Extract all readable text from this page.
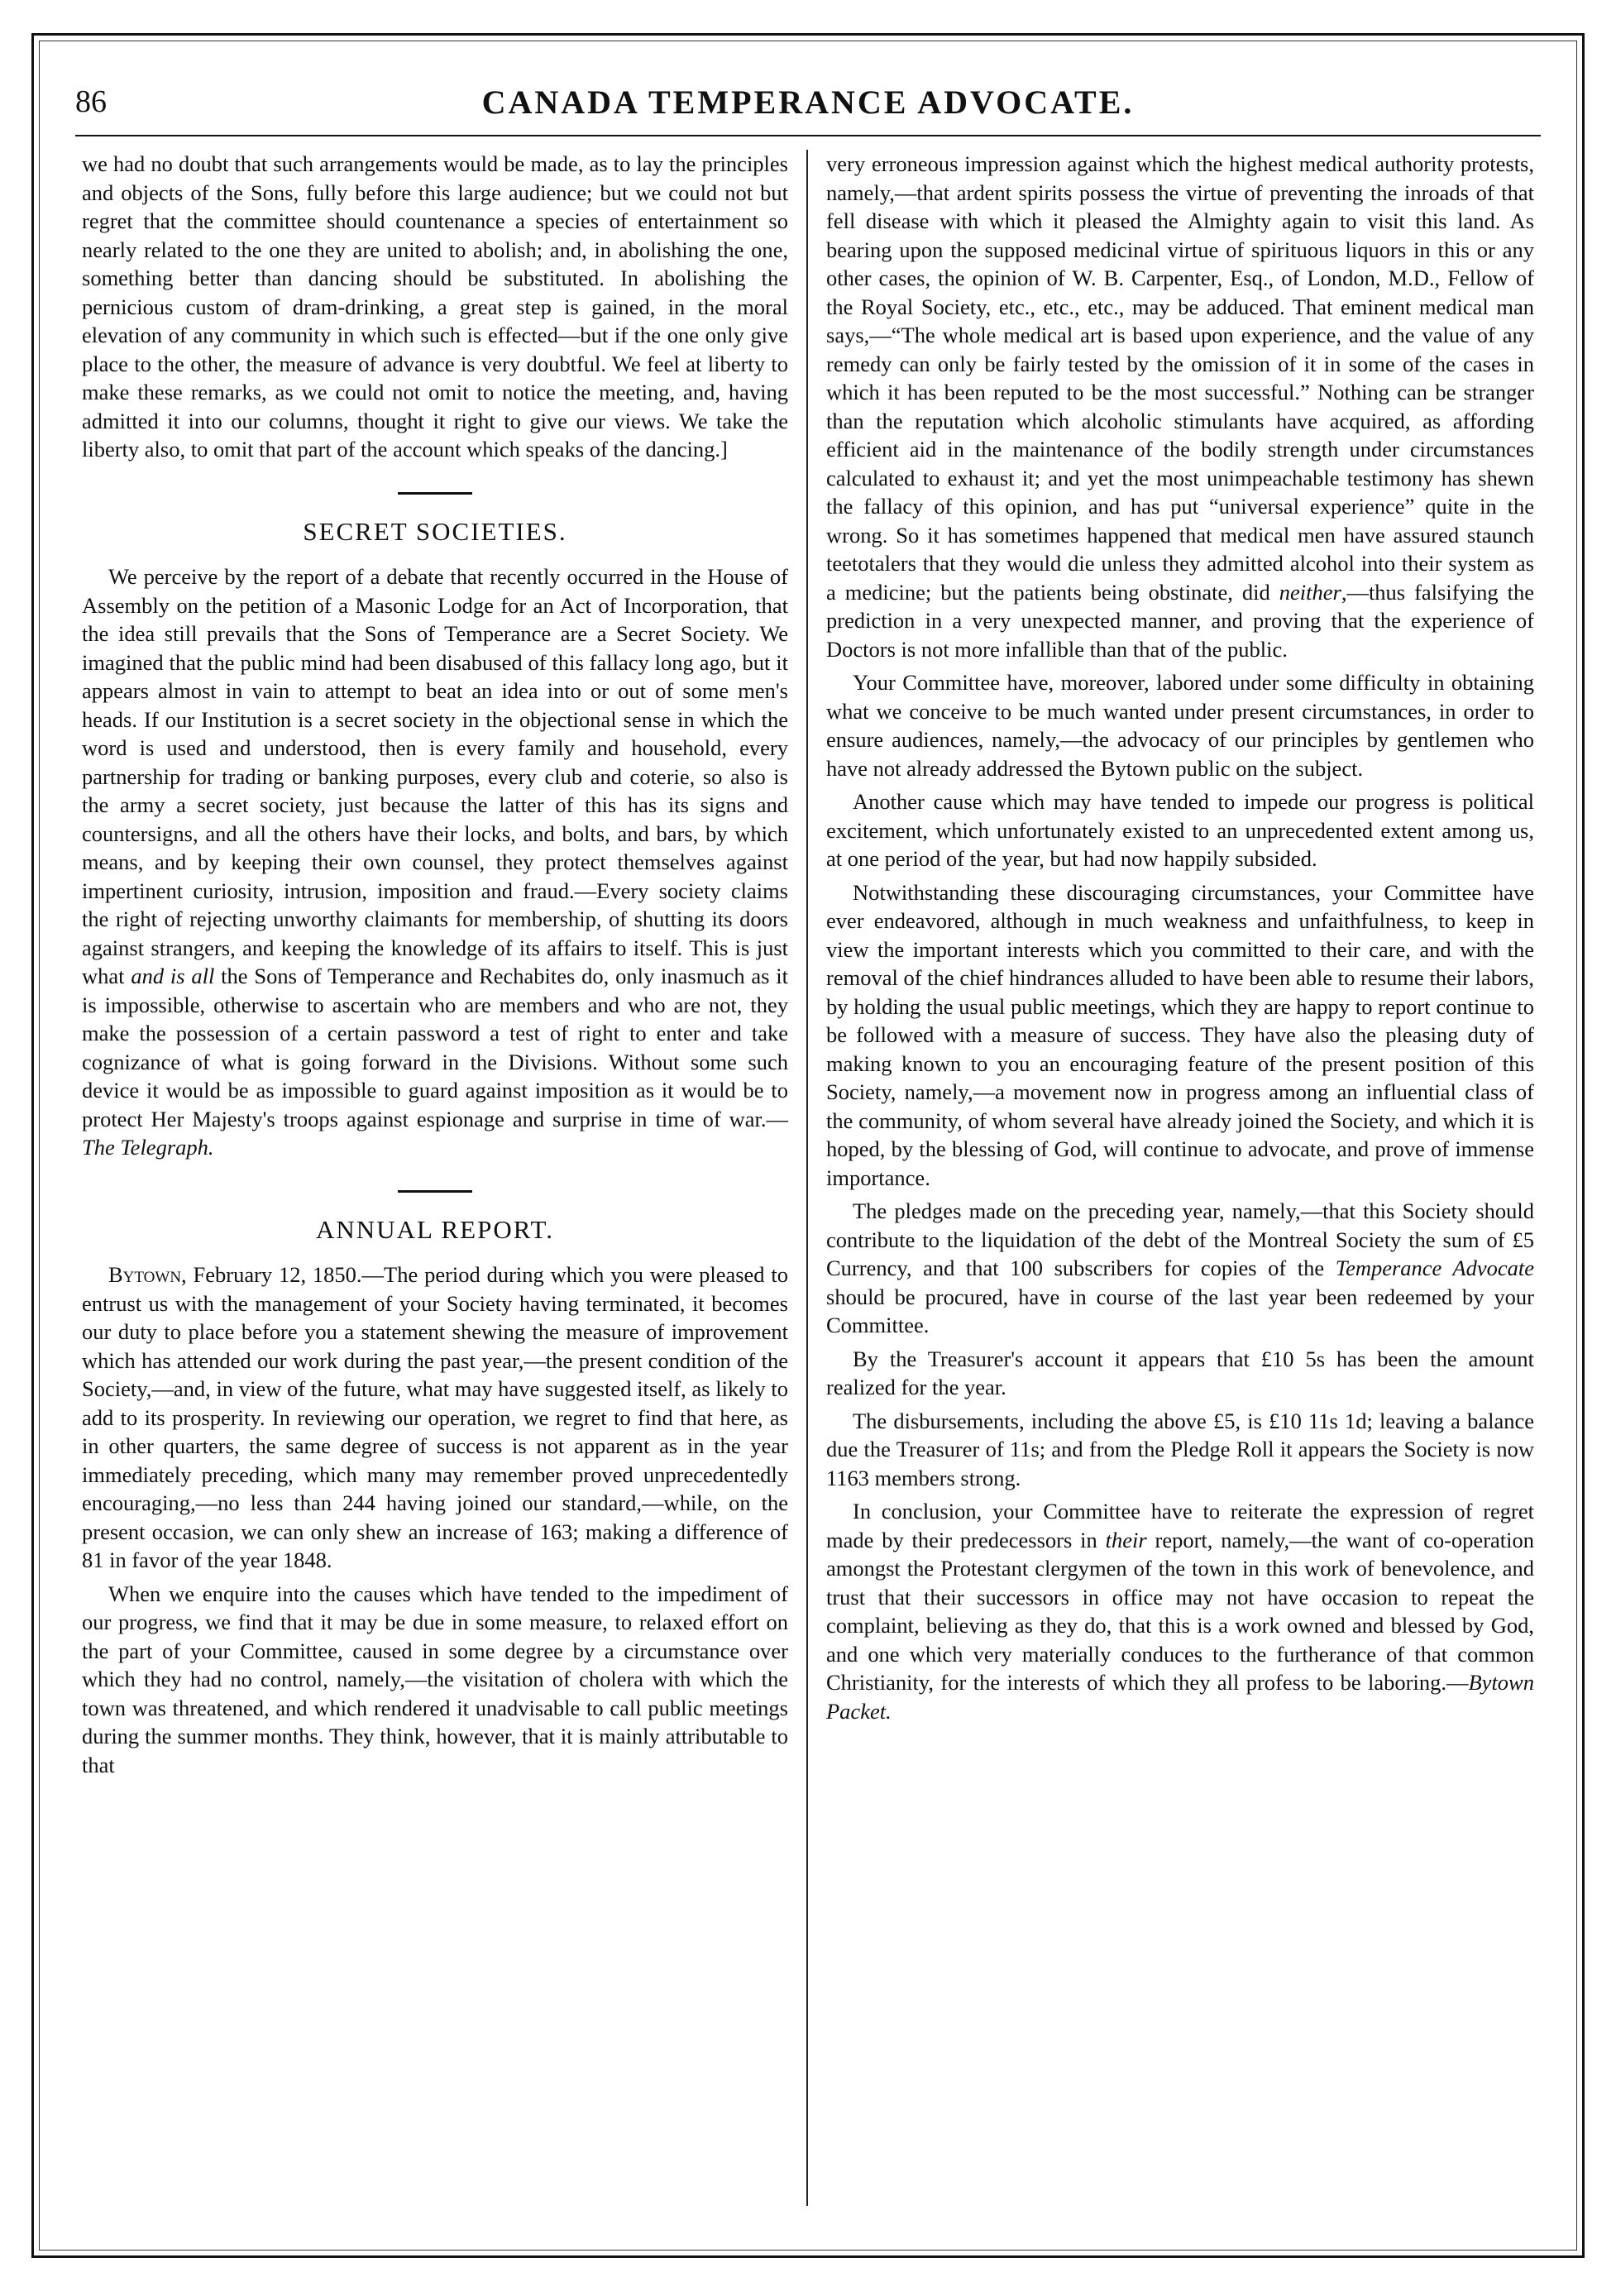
86	CANADA TEMPERANCE ADVOCATE.

we had no doubt that such arrangements would be made, as to lay the principles and objects of the Sons, fully before this large audience; but we could not but regret that the committee should countenance a species of entertainment so nearly related to the one they are united to abolish; and, in abolishing the one, something better than dancing should be substituted. In abolishing the pernicious custom of dram-drinking, a great step is gained, in the moral elevation of any community in which such is effected—but if the one only give place to the other, the measure of advance is very doubtful. We feel at liberty to make these remarks, as we could not omit to notice the meeting, and, having admitted it into our columns, thought it right to give our views. We take the liberty also, to omit that part of the account which speaks of the dancing.]

SECRET SOCIETIES.

We perceive by the report of a debate that recently occurred in the House of Assembly on the petition of a Masonic Lodge for an Act of Incorporation, that the idea still prevails that the Sons of Temperance are a Secret Society. We imagined that the public mind had been disabused of this fallacy long ago, but it appears almost in vain to attempt to beat an idea into or out of some men's heads. If our Institution is a secret society in the objectional sense in which the word is used and understood, then is every family and household, every partnership for trading or banking purposes, every club and coterie, so also is the army a secret society, just because the latter of this has its signs and countersigns, and all the others have their locks, and bolts, and bars, by which means, and by keeping their own counsel, they protect themselves against impertinent curiosity, intrusion, imposition and fraud.—Every society claims the right of rejecting unworthy claimants for membership, of shutting its doors against strangers, and keeping the knowledge of its affairs to itself. This is just what and is all the Sons of Temperance and Rechabites do, only inasmuch as it is impossible, otherwise to ascertain who are members and who are not, they make the possession of a certain password a test of right to enter and take cognizance of what is going forward in the Divisions. Without some such device it would be as impossible to guard against imposition as it would be to protect Her Majesty's troops against espionage and surprise in time of war.—The Telegraph.

ANNUAL REPORT.

Bytown, February 12, 1850.—The period during which you were pleased to entrust us with the management of your Society having terminated, it becomes our duty to place before you a statement shewing the measure of improvement which has attended our work during the past year,—the present condition of the Society,—and, in view of the future, what may have suggested itself, as likely to add to its prosperity. In reviewing our operation, we regret to find that here, as in other quarters, the same degree of success is not apparent as in the year immediately preceding, which many may remember proved unprecedentedly encouraging,—no less than 244 having joined our standard,—while, on the present occasion, we can only shew an increase of 163; making a difference of 81 in favor of the year 1848.

When we enquire into the causes which have tended to the impediment of our progress, we find that it may be due in some measure, to relaxed effort on the part of your Committee, caused in some degree by a circumstance over which they had no control, namely,—the visitation of cholera with which the town was threatened, and which rendered it unadvisable to call public meetings during the summer months. They think, however, that it is mainly attributable to that

very erroneous impression against which the highest medical authority protests, namely,—that ardent spirits possess the virtue of preventing the inroads of that fell disease with which it pleased the Almighty again to visit this land. As bearing upon the supposed medicinal virtue of spirituous liquors in this or any other cases, the opinion of W. B. Carpenter, Esq., of London, M.D., Fellow of the Royal Society, etc., etc., etc., may be adduced. That eminent medical man says,—“The whole medical art is based upon experience, and the value of any remedy can only be fairly tested by the omission of it in some of the cases in which it has been reputed to be the most successful.” Nothing can be stranger than the reputation which alcoholic stimulants have acquired, as affording efficient aid in the maintenance of the bodily strength under circumstances calculated to exhaust it; and yet the most unimpeachable testimony has shewn the fallacy of this opinion, and has put “universal experience” quite in the wrong. So it has sometimes happened that medical men have assured staunch teetotalers that they would die unless they admitted alcohol into their system as a medicine; but the patients being obstinate, did neither,—thus falsifying the prediction in a very unexpected manner, and proving that the experience of Doctors is not more infallible than that of the public.

Your Committee have, moreover, labored under some difficulty in obtaining what we conceive to be much wanted under present circumstances, in order to ensure audiences, namely,—the advocacy of our principles by gentlemen who have not already addressed the Bytown public on the subject.

Another cause which may have tended to impede our progress is political excitement, which unfortunately existed to an unprecedented extent among us, at one period of the year, but had now happily subsided.

Notwithstanding these discouraging circumstances, your Committee have ever endeavored, although in much weakness and unfaithfulness, to keep in view the important interests which you committed to their care, and with the removal of the chief hindrances alluded to have been able to resume their labors, by holding the usual public meetings, which they are happy to report continue to be followed with a measure of success. They have also the pleasing duty of making known to you an encouraging feature of the present position of this Society, namely,—a movement now in progress among an influential class of the community, of whom several have already joined the Society, and which it is hoped, by the blessing of God, will continue to advocate, and prove of immense importance.

The pledges made on the preceding year, namely,—that this Society should contribute to the liquidation of the debt of the Montreal Society the sum of £5 Currency, and that 100 subscribers for copies of the Temperance Advocate should be procured, have in course of the last year been redeemed by your Committee.

By the Treasurer's account it appears that £10 5s has been the amount realized for the year.

The disbursements, including the above £5, is £10 11s 1d; leaving a balance due the Treasurer of 11s; and from the Pledge Roll it appears the Society is now 1163 members strong.

In conclusion, your Committee have to reiterate the expression of regret made by their predecessors in their report, namely,—the want of co-operation amongst the Protestant clergymen of the town in this work of benevolence, and trust that their successors in office may not have occasion to repeat the complaint, believing as they do, that this is a work owned and blessed by God, and one which very materially conduces to the furtherance of that common Christianity, for the interests of which they all profess to be laboring.—Bytown Packet.
